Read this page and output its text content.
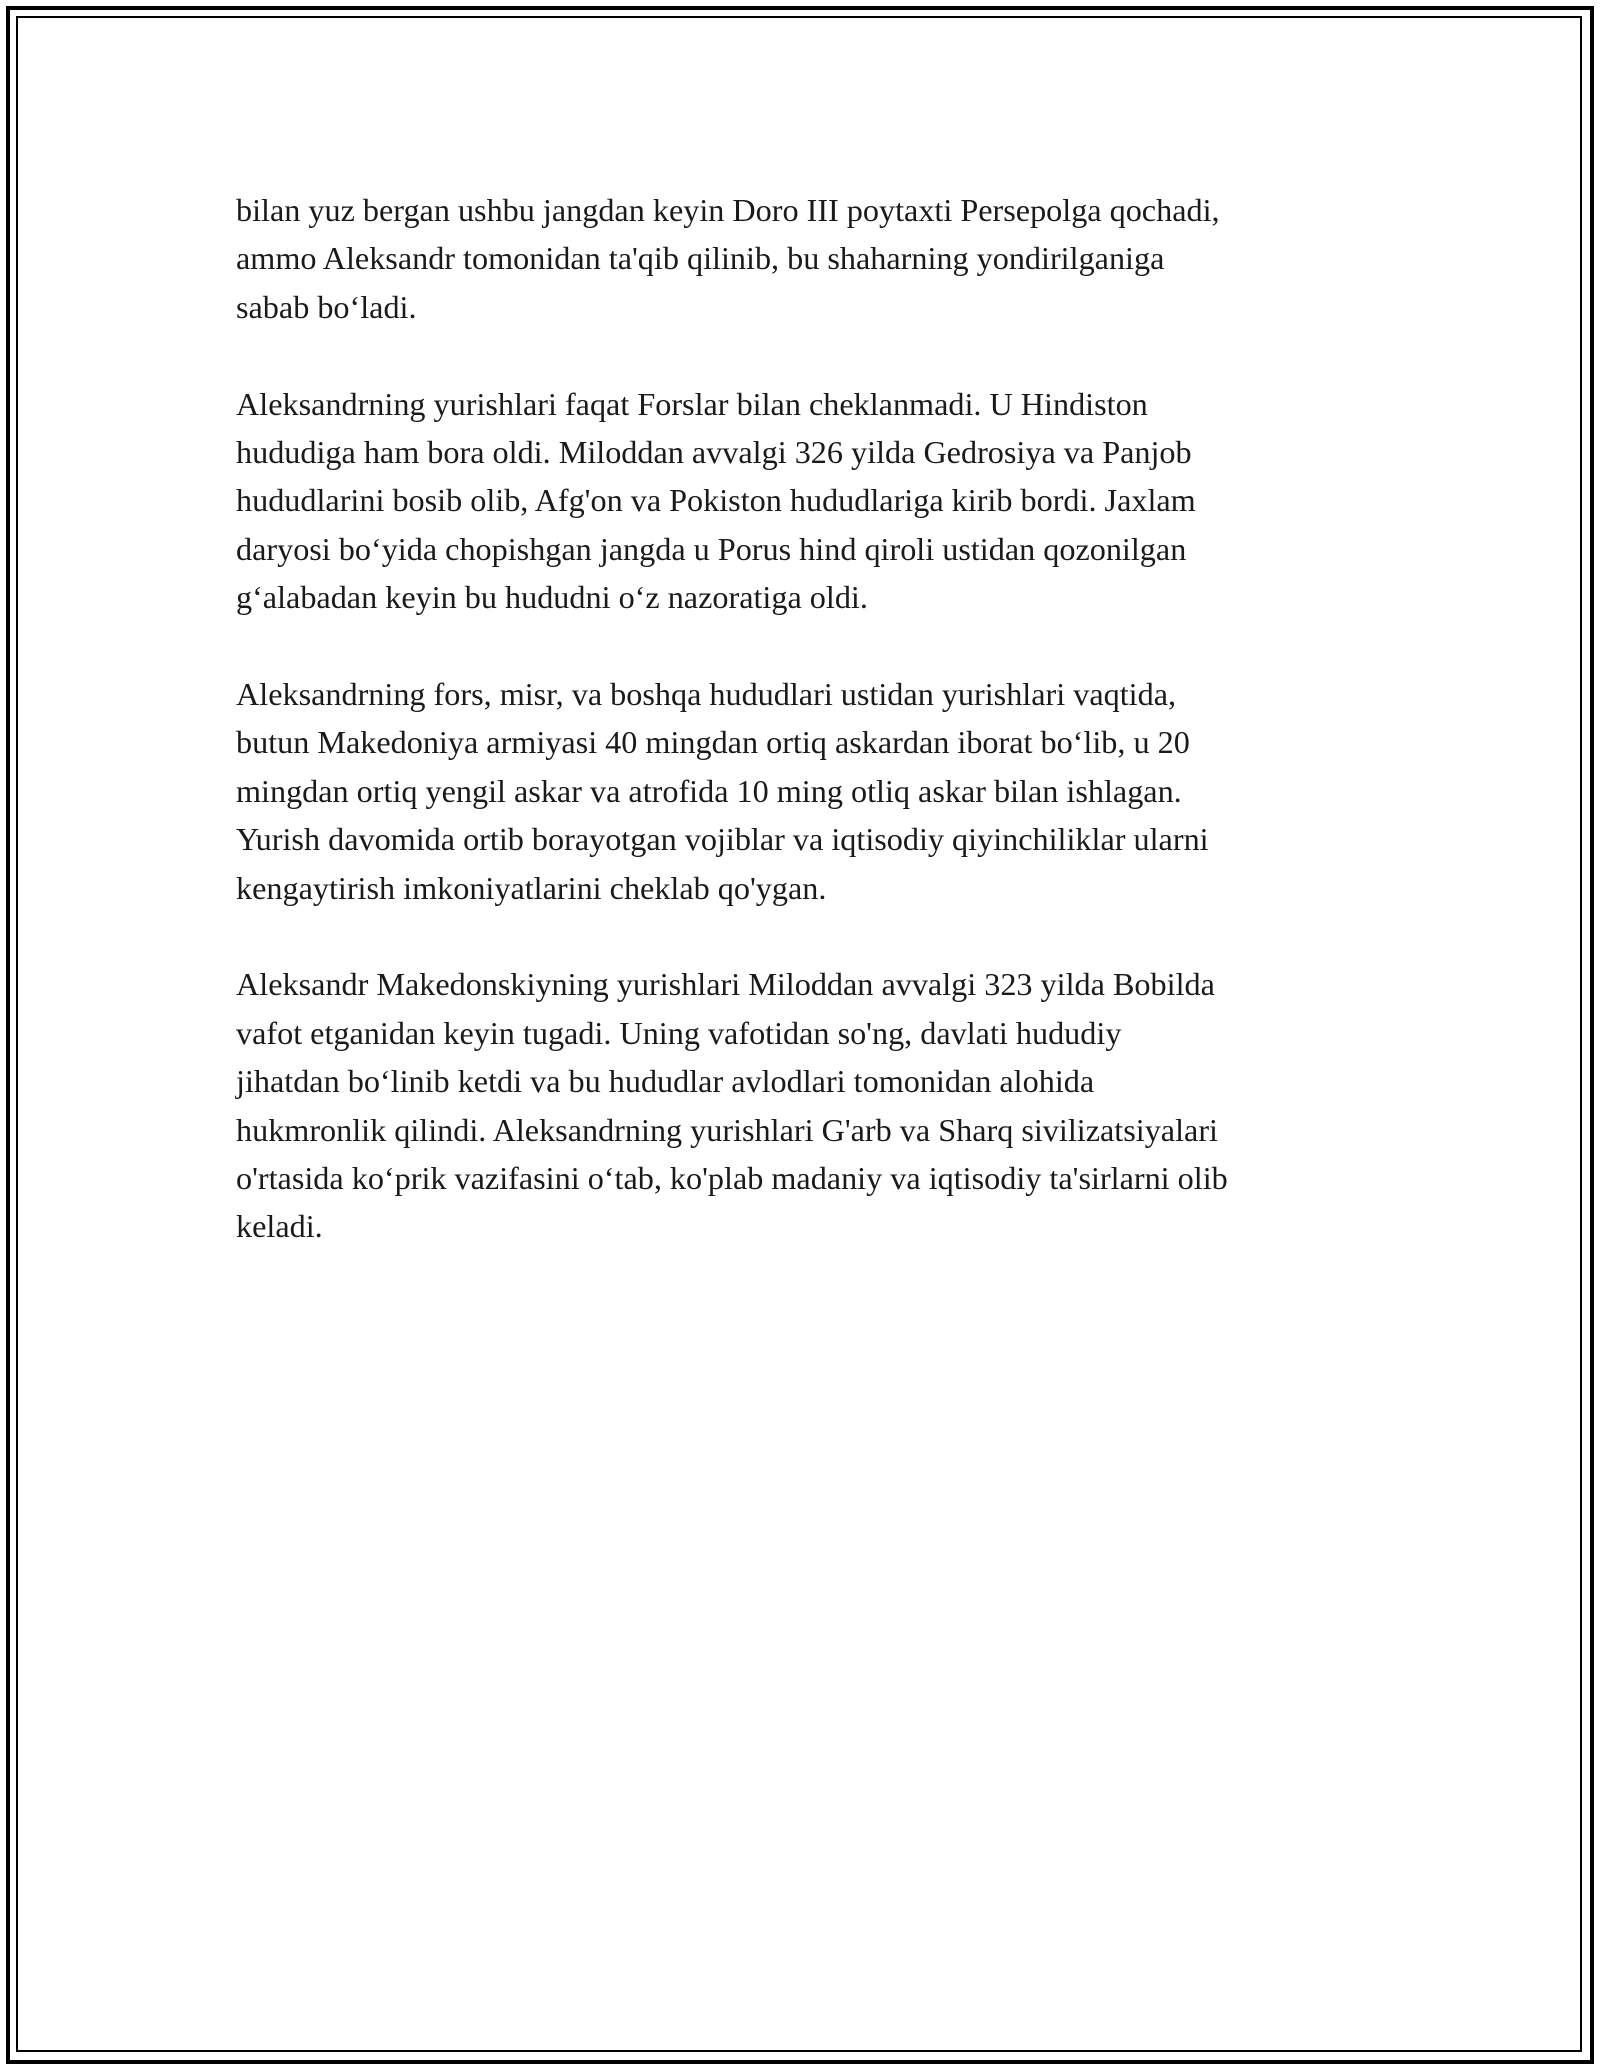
bilan yuz bergan ushbu jangdan keyin Doro III poytaxti Persepolga qochadi,
ammo Aleksandr tomonidan ta'qib qilinib, bu shaharning yondirilganiga
sabab bo‘ladi.

Aleksandrning yurishlari faqat Forslar bilan cheklanmadi. U Hindiston
hududiga ham bora oldi. Miloddan avvalgi 326 yilda Gedrosiya va Panjob
hududlarini bosib olib, Afg'on va Pokiston hududlariga kirib bordi. Jaxlam
daryosi bo‘yida chopishgan jangda u Porus hind qiroli ustidan qozonilgan
g‘alabadan keyin bu hududni o‘z nazoratiga oldi.

Aleksandrning fors, misr, va boshqa hududlari ustidan yurishlari vaqtida,
butun Makedoniya armiyasi 40 mingdan ortiq askardan iborat bo‘lib, u 20
mingdan ortiq yengil askar va atrofida 10 ming otliq askar bilan ishlagan.
Yurish davomida ortib borayotgan vojiblar va iqtisodiy qiyinchiliklar ularni
kengaytirish imkoniyatlarini cheklab qo'ygan.

Aleksandr Makedonskiyning yurishlari Miloddan avvalgi 323 yilda Bobilda
vafot etganidan keyin tugadi. Uning vafotidan so'ng, davlati hududiy
jihatdan bo‘linib ketdi va bu hududlar avlodlari tomonidan alohida
hukmronlik qilindi. Aleksandrning yurishlari G'arb va Sharq sivilizatsiyalari
o'rtasida ko‘prik vazifasini o‘tab, ko'plab madaniy va iqtisodiy ta'sirlarni olib
keladi.
